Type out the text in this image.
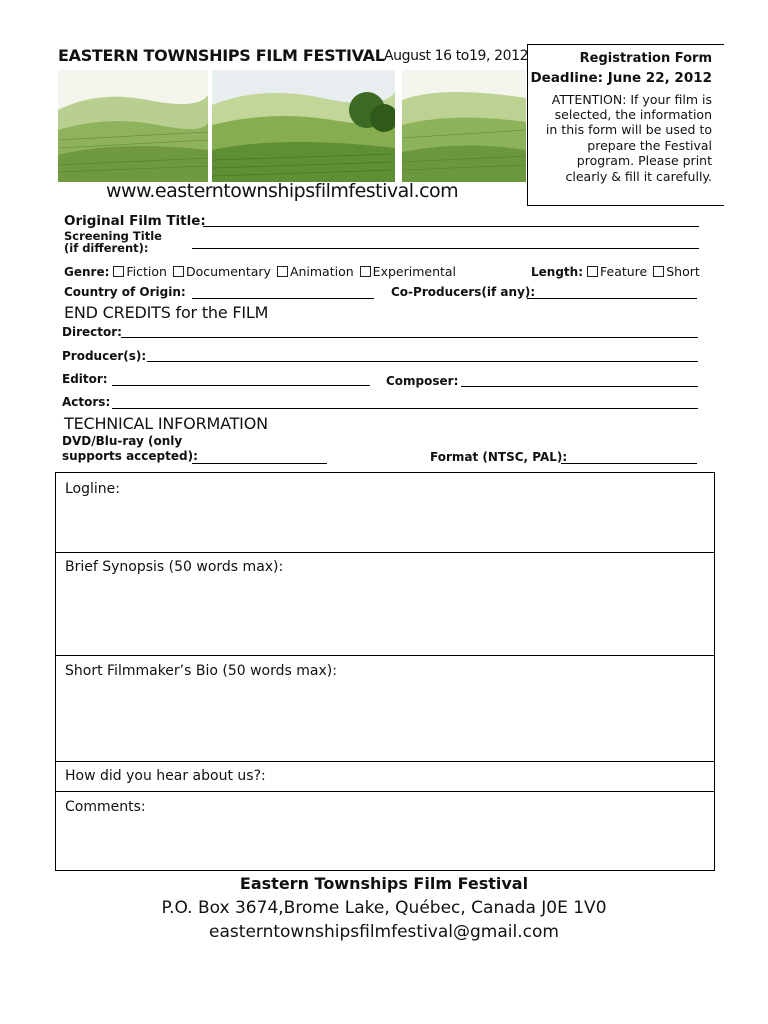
EASTERN TOWNSHIPS FILM FESTIVAL August 16 to19, 2012
www.easterntownshipsfilmfestival.com
Registration Form
Deadline: June 22, 2012
ATTENTION: If your film is
selected, the information
in this form will be used to
prepare the Festival
program. Please print
clearly & fill it carefully.
Original Film Title:
Screening Title
(if different):
Genre: Fiction Documentary Animation Experimental	Length: Feature Short
Country of Origin:	Co-Producers(if any):
END CREDITS for the FILM
Director:
Producer(s):
Editor:	Composer:
Actors:
TECHNICAL INFORMATION
DVD/Blu-ray (only
supports accepted):	Format (NTSC, PAL):
Logline:
Brief Synopsis (50 words max):
Short Filmmaker’s Bio (50 words max):
How did you hear about us?:
Comments:
Eastern Townships Film Festival
P.O. Box 3674,Brome Lake, Québec, Canada J0E 1V0
easterntownshipsfilmfestival@gmail.com
